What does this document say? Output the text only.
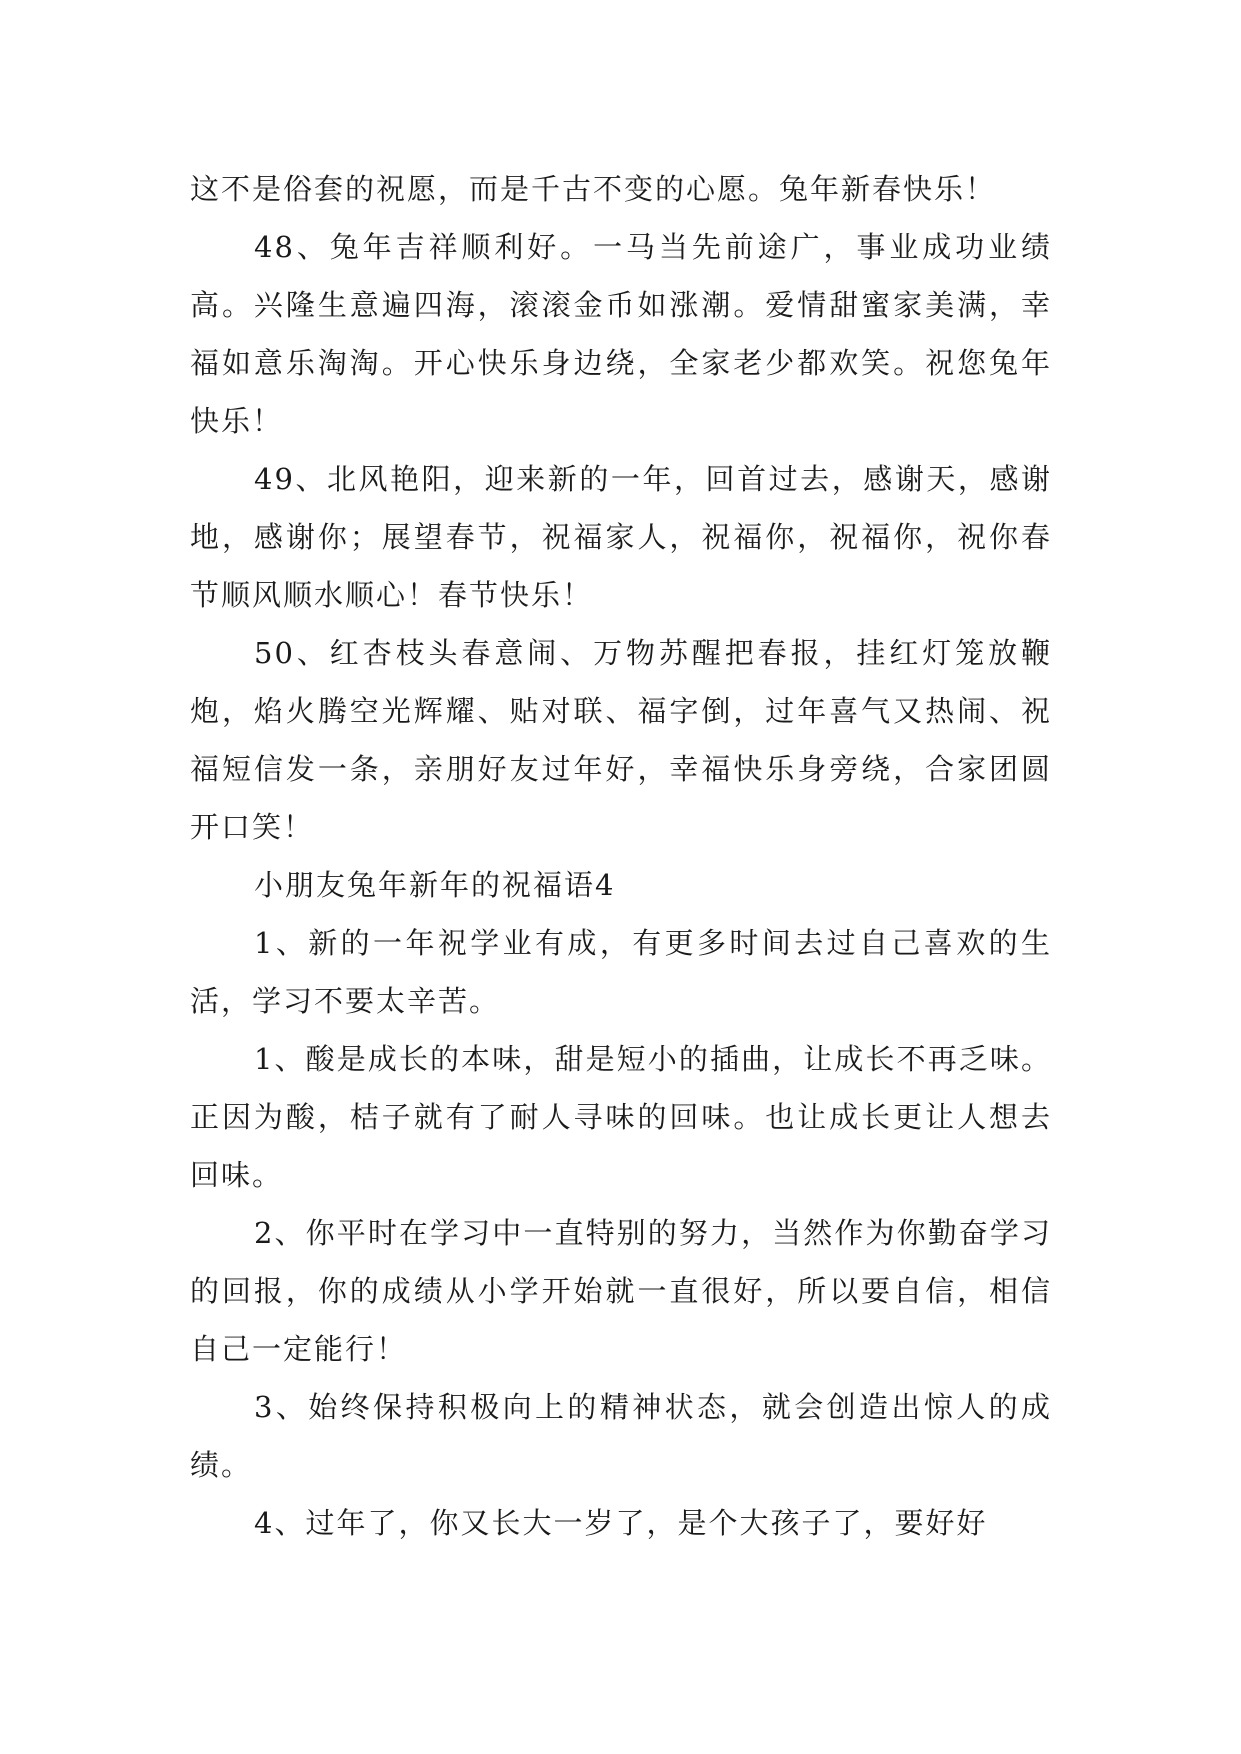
这不是俗套的祝愿，而是千古不变的心愿。兔年新春快乐！

48、兔年吉祥顺利好。一马当先前途广，事业成功业绩高。兴隆生意遍四海，滚滚金币如涨潮。爱情甜蜜家美满，幸福如意乐淘淘。开心快乐身边绕，全家老少都欢笑。祝您兔年快乐！

49、北风艳阳，迎来新的一年，回首过去，感谢天，感谢地，感谢你；展望春节，祝福家人，祝福你，祝福你，祝你春节顺风顺水顺心！春节快乐！

50、红杏枝头春意闹、万物苏醒把春报，挂红灯笼放鞭炮，焰火腾空光辉耀、贴对联、福字倒，过年喜气又热闹、祝福短信发一条，亲朋好友过年好，幸福快乐身旁绕，合家团圆开口笑！

小朋友兔年新年的祝福语4

1、新的一年祝学业有成，有更多时间去过自己喜欢的生活，学习不要太辛苦。

1、酸是成长的本味，甜是短小的插曲，让成长不再乏味。正因为酸，桔子就有了耐人寻味的回味。也让成长更让人想去回味。

2、你平时在学习中一直特别的努力，当然作为你勤奋学习的回报，你的成绩从小学开始就一直很好，所以要自信，相信自己一定能行！

3、始终保持积极向上的精神状态，就会创造出惊人的成绩。

4、过年了，你又长大一岁了，是个大孩子了，要好好
